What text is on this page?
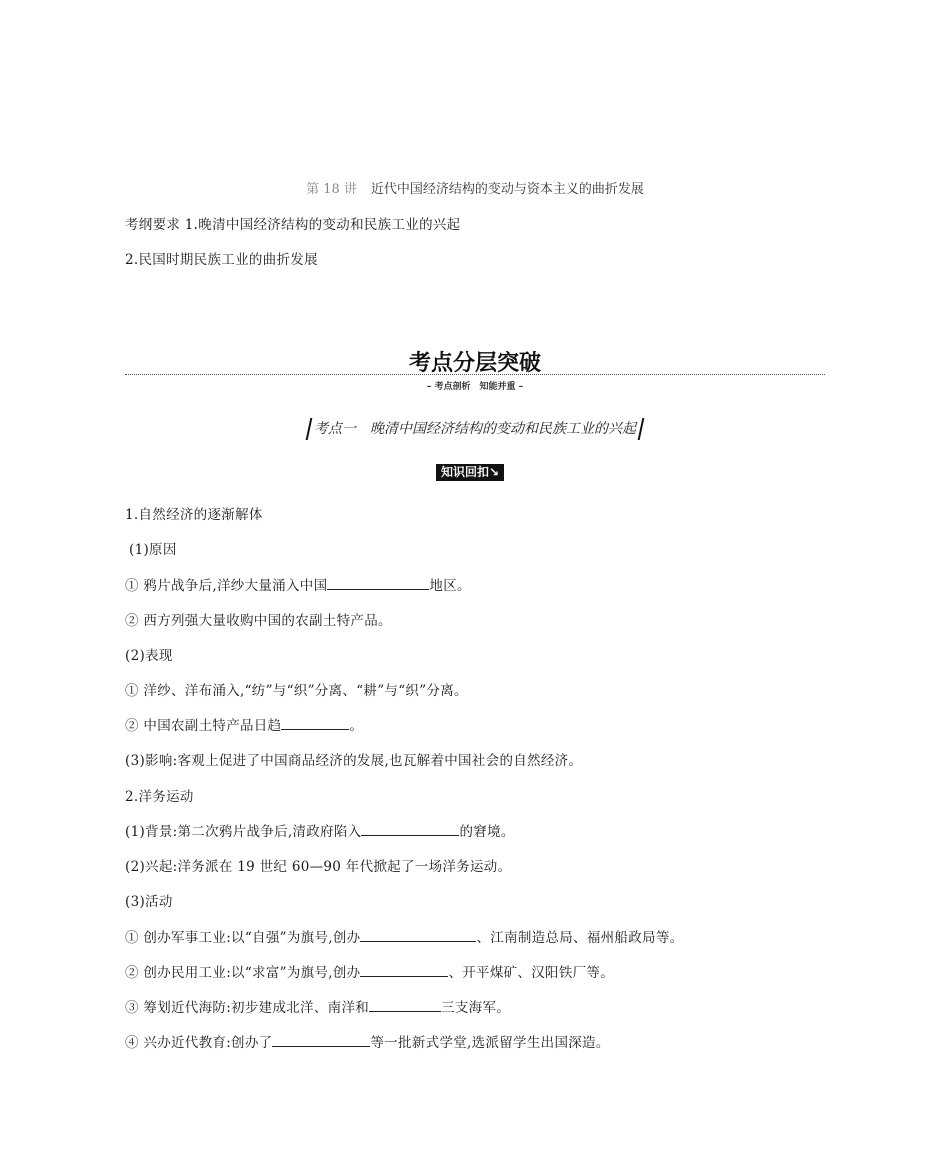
第 18 讲 近代中国经济结构的变动与资本主义的曲折发展
考纲要求 1.晚清中国经济结构的变动和民族工业的兴起
2.民国时期民族工业的曲折发展
考点分层突破
– 考点剖析　知能并重 –
考点一 晚清中国经济结构的变动和民族工业的兴起
知识回扣↘
1.自然经济的逐渐解体
(1)原因
① 鸦片战争后,洋纱大量涌入中国	地区。
② 西方列强大量收购中国的农副土特产品。
(2)表现
① 洋纱、洋布涌入,“纺”与“织”分离、“耕”与“织”分离。
② 中国农副土特产品日趋	。
(3)影响:客观上促进了中国商品经济的发展,也瓦解着中国社会的自然经济。
2.洋务运动
(1)背景:第二次鸦片战争后,清政府陷入	的窘境。
(2)兴起:洋务派在 19 世纪 60—90 年代掀起了一场洋务运动。
(3)活动
① 创办军事工业:以“自强”为旗号,创办	、江南制造总局、福州船政局等。
② 创办民用工业:以“求富”为旗号,创办	、开平煤矿、汉阳铁厂等。
③ 筹划近代海防:初步建成北洋、南洋和	三支海军。
④ 兴办近代教育:创办了	等一批新式学堂,选派留学生出国深造。
